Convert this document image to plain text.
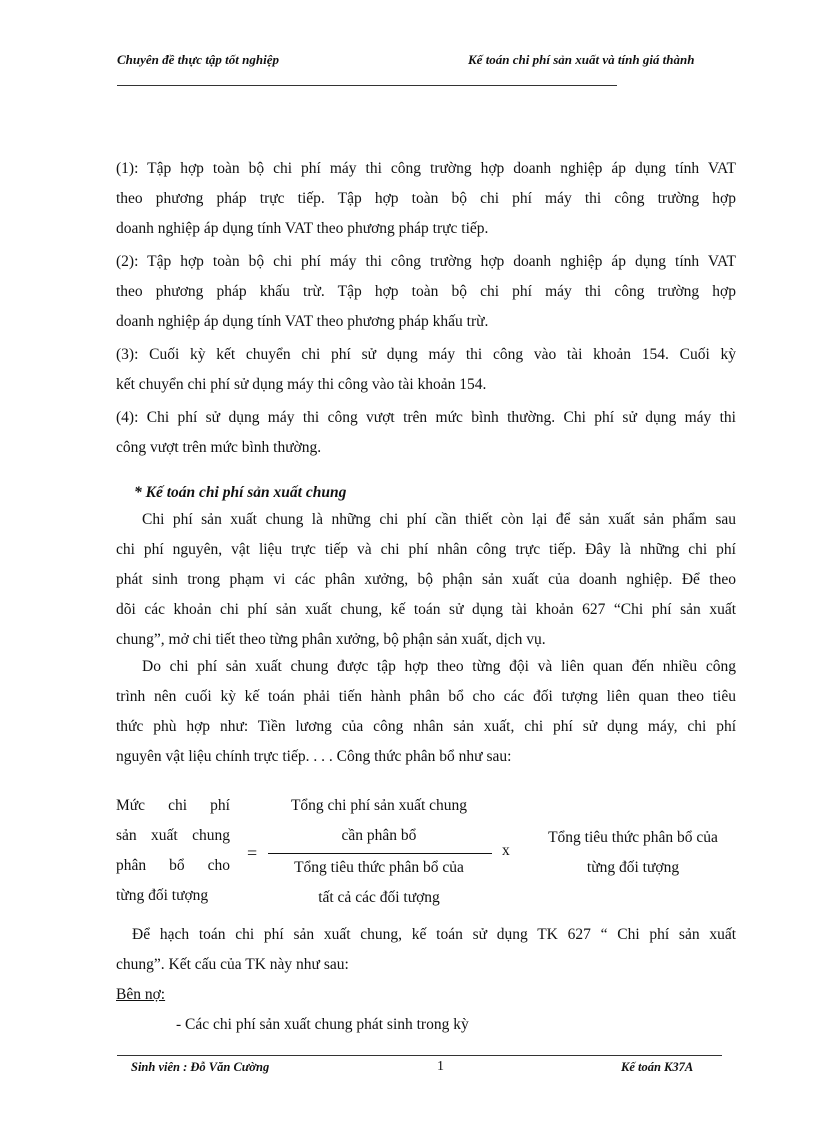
Chuyên đề thực tập tốt nghiệp	Kế toán chi phí sản xuất và tính giá thành
(1): Tập hợp toàn bộ chi phí máy thi công trường hợp doanh nghiệp áp dụng tính VAT
theo phương pháp trực tiếp. Tập hợp toàn bộ chi phí máy thi công trường hợp
doanh nghiệp áp dụng tính VAT theo phương pháp trực tiếp.
(2): Tập hợp toàn bộ chi phí máy thi công trường hợp doanh nghiệp áp dụng tính VAT
theo phương pháp khấu trừ. Tập hợp toàn bộ chi phí máy thi công trường hợp
doanh nghiệp áp dụng tính VAT theo phương pháp khấu trừ.
(3): Cuối kỳ kết chuyển chi phí sử dụng máy thi công vào tài khoản 154. Cuối kỳ
kết chuyển chi phí sử dụng máy thi công vào tài khoản 154.
(4): Chi phí sử dụng máy thi công vượt trên mức bình thường. Chi phí sử dụng máy thi
công vượt trên mức bình thường.
* Kế toán chi phí sản xuất chung
Chi phí sản xuất chung là những chi phí cần thiết còn lại để sản xuất sản phẩm sau
chi phí nguyên, vật liệu trực tiếp và chi phí nhân công trực tiếp. Đây là những chi phí
phát sinh trong phạm vi các phân xưởng, bộ phận sản xuất của doanh nghiệp. Để theo
dõi các khoản chi phí sản xuất chung, kế toán sử dụng tài khoản 627 “Chi phí sản xuất
chung”, mở chi tiết theo từng phân xưởng, bộ phận sản xuất, dịch vụ.
Do chi phí sản xuất chung được tập hợp theo từng đội và liên quan đến nhiều công
trình nên cuối kỳ kế toán phải tiến hành phân bổ cho các đối tượng liên quan theo tiêu
thức phù hợp như: Tiền lương của công nhân sản xuất, chi phí sử dụng máy, chi phí
nguyên vật liệu chính trực tiếp. . . . Công thức phân bổ như sau:
Mức chi phí
sản xuất chung
phân bổ cho
từng đối tượng
=
Tổng chi phí sản xuất chung
cần phân bổ
Tổng tiêu thức phân bổ của
tất cả các đối tượng
x
Tổng tiêu thức phân bổ của
từng đối tượng
Để hạch toán chi phí sản xuất chung, kế toán sử dụng TK 627 “ Chi phí sản xuất
chung”. Kết cấu của TK này như sau:
Bên nợ:
- Các chi phí sản xuất chung phát sinh trong kỳ
Sinh viên : Đỗ Văn Cường	1	Kế toán K37A
